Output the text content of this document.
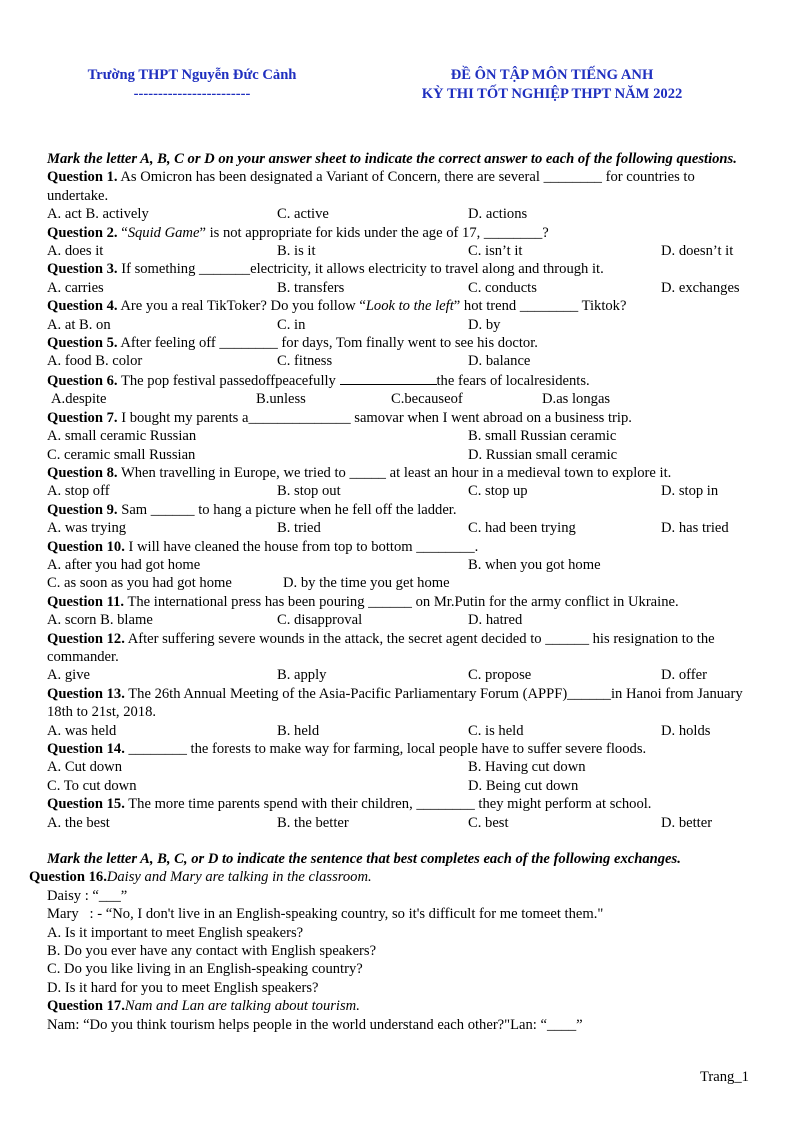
Trường THPT Nguyễn Đức Cảnh
------------------------
ĐỀ ÔN TẬP MÔN TIẾNG ANH
KỲ THI TỐT NGHIỆP THPT NĂM 2022
Mark the letter A, B, C or D on your answer sheet to indicate the correct answer to each of the following questions.
Question 1. As Omicron has been designated a Variant of Concern, there are several ________ for countries to undertake.
A. act B. actively	C. active	D. actions
Question 2. “Squid Game” is not appropriate for kids under the age of 17, ________?
A. does it	B. is it	C. isn’t it	D. doesn’t it
Question 3. If something _______electricity, it allows electricity to travel along and through it.
A. carries	B. transfers	C. conducts	D. exchanges
Question 4. Are you a real TikToker? Do you follow “Look to the left” hot trend ________ Tiktok?
A. at B. on	C. in	D. by
Question 5. After feeling off ________ for days, Tom finally went to see his doctor.
A. food B. color	C. fitness	D. balance
Question 6. The pop festival passedoffpeacefully	the fears of localresidents.
A.despite	B.unless	C.becauseof	D.as longas
Question 7. I bought my parents a______________ samovar when I went abroad on a business trip.
A. small ceramic Russian	B. small Russian ceramic
C. ceramic small Russian	D. Russian small ceramic
Question 8. When travelling in Europe, we tried to _____ at least an hour in a medieval town to explore it.
A. stop off	B. stop out	C. stop up	D. stop in
Question 9. Sam ______ to hang a picture when he fell off the ladder.
A. was trying	B. tried	C. had been trying	D. has tried
Question 10. I will have cleaned the house from top to bottom ________.
A. after you had got home	B. when you got home
C. as soon as you had got home	D. by the time you get home
Question 11. The international press has been pouring ______ on Mr.Putin for the army conflict in Ukraine.
A. scorn B. blame	C. disapproval	D. hatred
Question 12. After suffering severe wounds in the attack, the secret agent decided to ______ his resignation to the commander.
A. give	B. apply	C. propose	D. offer
Question 13. The 26th Annual Meeting of the Asia-Pacific Parliamentary Forum (APPF)______in Hanoi from January 18th to 21st, 2018.
A. was held	B. held	C. is held	D. holds
Question 14. ________ the forests to make way for farming, local people have to suffer severe floods.
A. Cut down	B. Having cut down
C. To cut down	D. Being cut down
Question 15. The more time parents spend with their children, ________ they might perform at school.
A. the best	B. the better	C. best	D. better
Mark the letter A, B, C, or D to indicate the sentence that best completes each of the following exchanges.
Question 16.Daisy and Mary are talking in the classroom.
Daisy : “___”
Mary   : - “No, I don't live in an English-speaking country, so it's difficult for me tomeet them."
A. Is it important to meet English speakers?
B. Do you ever have any contact with English speakers?
C. Do you like living in an English-speaking country?
D. Is it hard for you to meet English speakers?
Question 17.Nam and Lan are talking about tourism.
Nam: “Do you think tourism helps people in the world understand each other?"Lan: “____”
Trang_1
